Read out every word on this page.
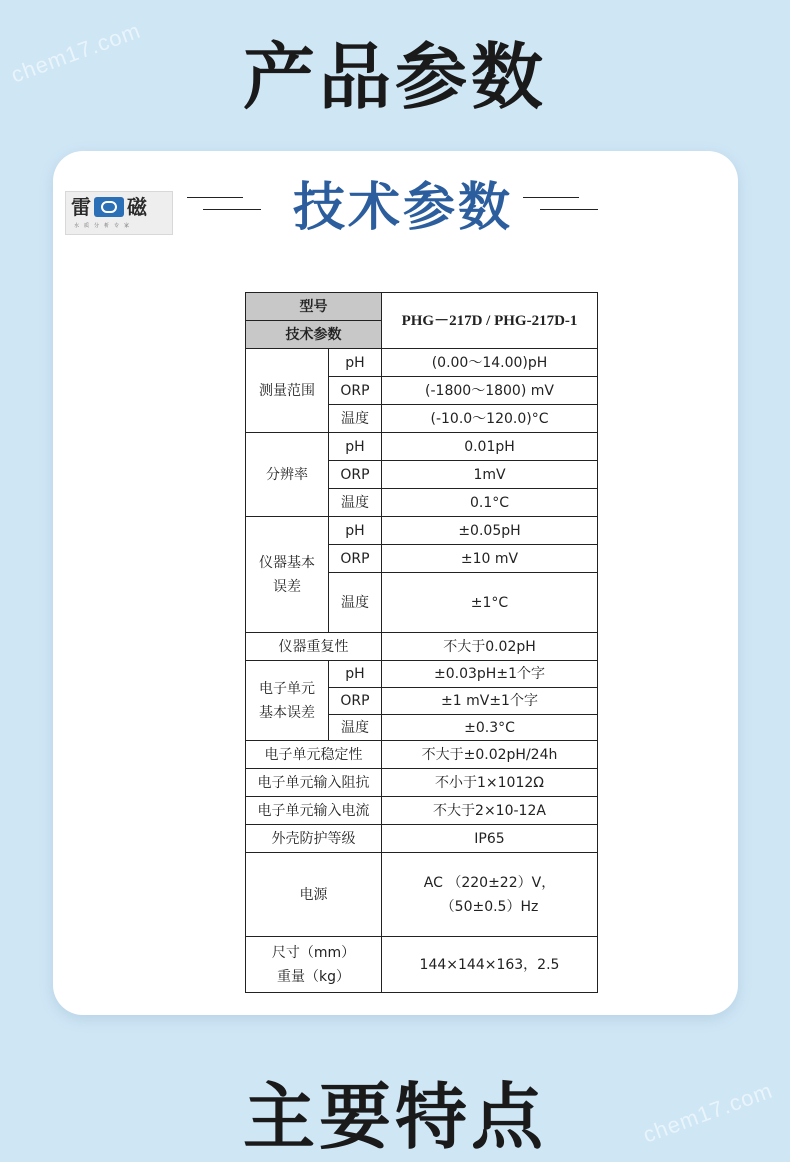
chem17.com
chem17.com
产品参数
雷 磁
水质分析专家	技术参数
型号		PHG－217D / PHG-217D-1
技术参数		
测量范围	pH	(0.00～14.00)pH
	ORP	(-1800～1800) mV
	温度	(-10.0～120.0)°C
分辨率	pH	0.01pH
	ORP	1mV
	温度	0.1°C

仪器基本
误差	pH	±0.05pH
	ORP	±10 mV
	温度	±1°C
仪器重复性		不大于0.02pH

电子单元
基本误差	pH	±0.03pH±1个字
	ORP	±1 mV±1个字
	温度	±0.3°C
电子单元稳定性		不大于±0.02pH/24h
电子单元输入阻抗		不小于1×1012Ω
电子单元输入电流		不大于2×10-12A
外壳防护等级		IP65
电源		AC （220±22）V，
（50±0.5）Hz

尺寸（mm）
重量（kg）		144×144×163，2.5
主要特点
